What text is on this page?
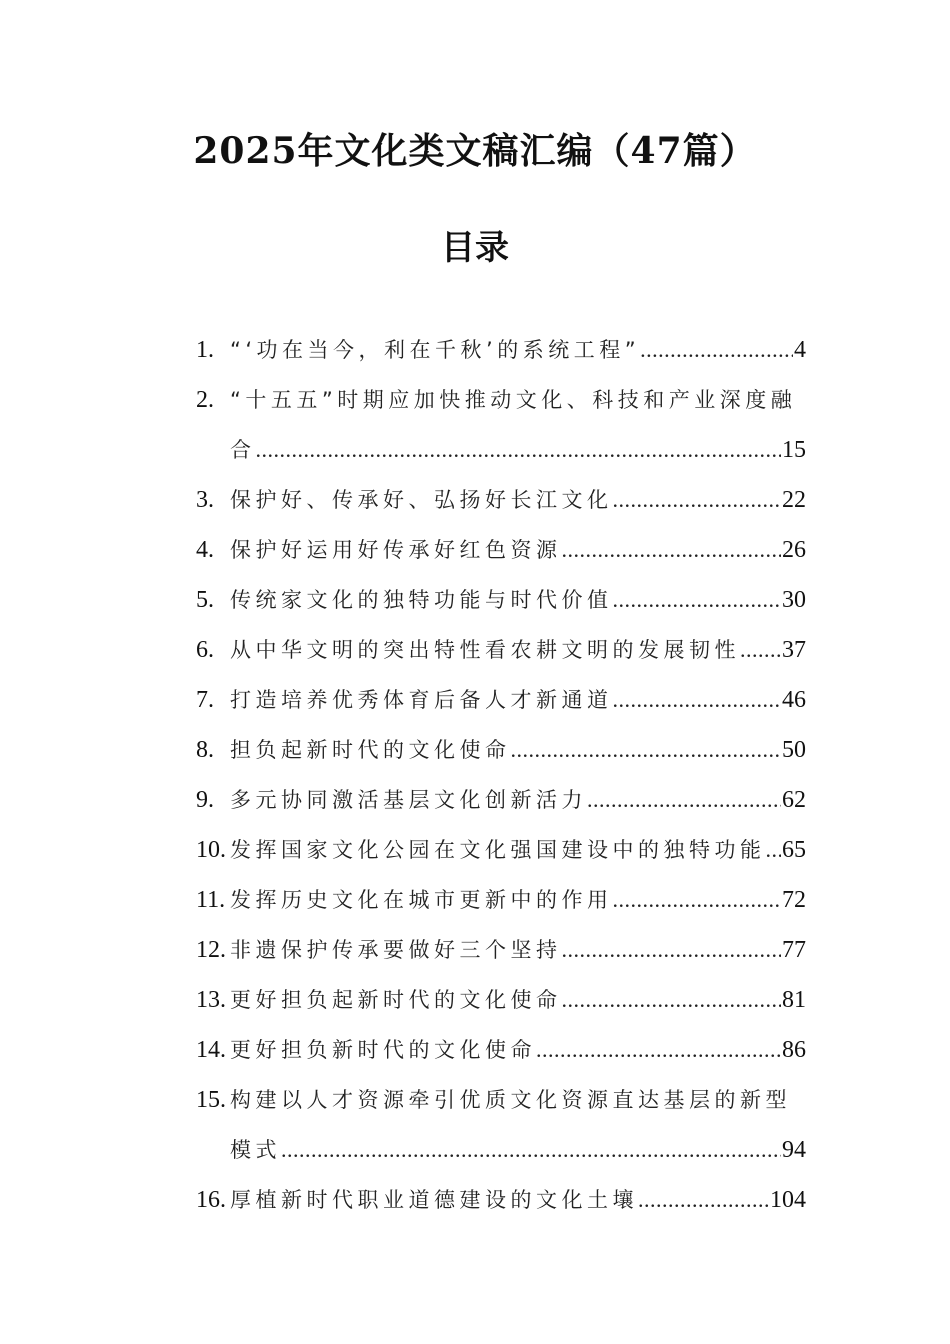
2025年文化类文稿汇编（47篇）
目录
1. “‘功在当今，利在千秋’的系统工程” .....	4
2. “十五五”时期应加快推动文化、科技和产业深度融
合 .....	15
3. 保护好、传承好、弘扬好长江文化 .....	22
4. 保护好运用好传承好红色资源 .....	26
5. 传统家文化的独特功能与时代价值 .....	30
6. 从中华文明的突出特性看农耕文明的发展韧性 ..... 37
7. 打造培养优秀体育后备人才新通道 .....	46
8. 担负起新时代的文化使命 .....	50
9. 多元协同激活基层文化创新活力 .....	62
10. 发挥国家文化公园在文化强国建设中的独特功能 ..... 65
11. 发挥历史文化在城市更新中的作用 .....	72
12. 非遗保护传承要做好三个坚持 .....	77
13. 更好担负起新时代的文化使命 .....	81
14. 更好担负新时代的文化使命 .....	86
15. 构建以人才资源牵引优质文化资源直达基层的新型
模式 .....	94
16. 厚植新时代职业道德建设的文化土壤 .....	104
